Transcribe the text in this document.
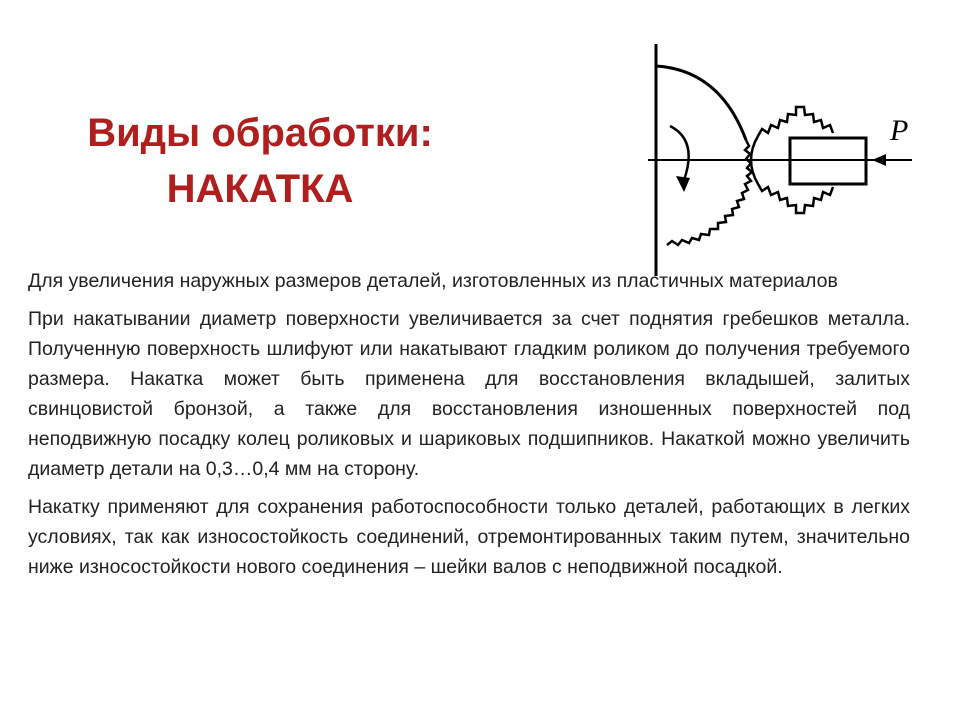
Виды обработки:
НАКАТКА
P

Для увеличения наружных размеров деталей, изготовленных из пластичных материалов

При накатывании диаметр поверхности увеличивается за счет поднятия гребешков металла. Полученную поверхность шлифуют или накатывают гладким роликом до получения требуемого размера. Накатка может быть применена для восстановления вкладышей, залитых свинцовистой бронзой, а также для восстановления изношенных поверхностей под неподвижную посадку колец роликовых и шариковых подшипников. Накаткой можно увеличить диаметр детали на 0,3…0,4 мм на сторону.

Накатку применяют для сохранения работоспособности только деталей, работающих в легких условиях, так как износостойкость соединений, отремонтированных таким путем, значительно ниже износостойкости нового соединения – шейки валов с неподвижной посадкой.
